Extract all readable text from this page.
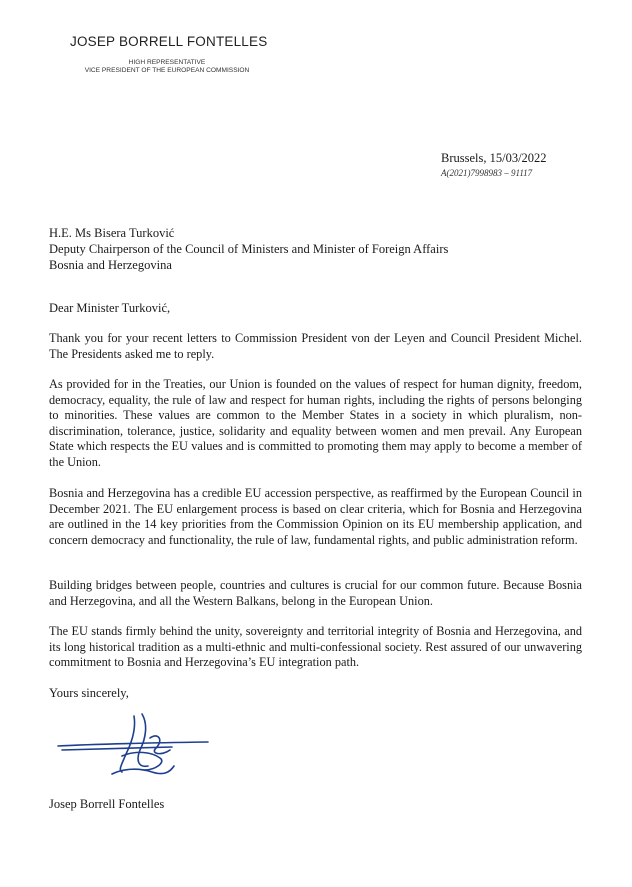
JOSEP BORRELL FONTELLES
HIGH REPRESENTATIVE
VICE PRESIDENT OF THE EUROPEAN COMMISSION
Brussels, 15/03/2022
A(2021)7998983 – 91117
H.E. Ms Bisera Turković
Deputy Chairperson of the Council of Ministers and Minister of Foreign Affairs
Bosnia and Herzegovina
Dear Minister Turković,
Thank you for your recent letters to Commission President von der Leyen and Council President Michel. The Presidents asked me to reply.
As provided for in the Treaties, our Union is founded on the values of respect for human dignity, freedom, democracy, equality, the rule of law and respect for human rights, including the rights of persons belonging to minorities. These values are common to the Member States in a society in which pluralism, non-discrimination, tolerance, justice, solidarity and equality between women and men prevail. Any European State which respects the EU values and is committed to promoting them may apply to become a member of the Union.
Bosnia and Herzegovina has a credible EU accession perspective, as reaffirmed by the European Council in December 2021. The EU enlargement process is based on clear criteria, which for Bosnia and Herzegovina are outlined in the 14 key priorities from the Commission Opinion on its EU membership application, and concern democracy and functionality, the rule of law, fundamental rights, and public administration reform.
Building bridges between people, countries and cultures is crucial for our common future. Because Bosnia and Herzegovina, and all the Western Balkans, belong in the European Union.
The EU stands firmly behind the unity, sovereignty and territorial integrity of Bosnia and Herzegovina, and its long historical tradition as a multi-ethnic and multi-confessional society. Rest assured of our unwavering commitment to Bosnia and Herzegovina’s EU integration path.
Yours sincerely,
Josep Borrell Fontelles
